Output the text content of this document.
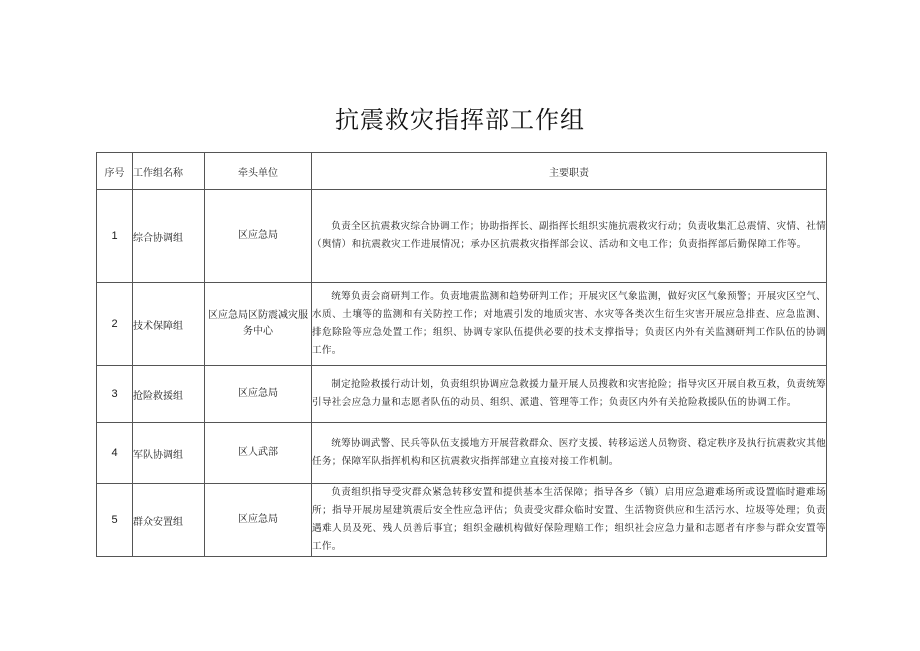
抗震救灾指挥部工作组
序号	工作组名称	牵头单位	主要职责
1	综合协调组	区应急局	负责全区抗震救灾综合协调工作；协助指挥长、副指挥长组织实施抗震救灾行动；负责收集汇总震情、灾情、社情（舆情）和抗震救灾工作进展情况；承办区抗震救灾指挥部会议、活动和文电工作；负责指挥部后勤保障工作等。
2	技术保障组	区应急局区防震减灾服务中心	统筹负责会商研判工作。负责地震监测和趋势研判工作；开展灾区气象监测，做好灾区气象预警；开展灾区空气、水质、土壤等的监测和有关防控工作；对地震引发的地质灾害、水灾等各类次生衍生灾害开展应急排查、应急监测、排危除险等应急处置工作；组织、协调专家队伍提供必要的技术支撑指导；负责区内外有关监测研判工作队伍的协调工作。
3	抢险救援组	区应急局	制定抢险救援行动计划，负责组织协调应急救援力量开展人员搜救和灾害抢险；指导灾区开展自救互救，负责统筹引导社会应急力量和志愿者队伍的动员、组织、派遣、管理等工作；负责区内外有关抢险救援队伍的协调工作。
4	军队协调组	区人武部	统筹协调武警、民兵等队伍支援地方开展营救群众、医疗支援、转移运送人员物资、稳定秩序及执行抗震救灾其他任务；保障军队指挥机构和区抗震救灾指挥部建立直接对接工作机制。
5	群众安置组	区应急局	负责组织指导受灾群众紧急转移安置和提供基本生活保障；指导各乡（镇）启用应急避难场所或设置临时避难场所；指导开展房屋建筑震后安全性应急评估；负责受灾群众临时安置、生活物资供应和生活污水、垃圾等处理；负责遇难人员及死、残人员善后事宜；组织金融机构做好保险理赔工作；组织社会应急力量和志愿者有序参与群众安置等工作。
